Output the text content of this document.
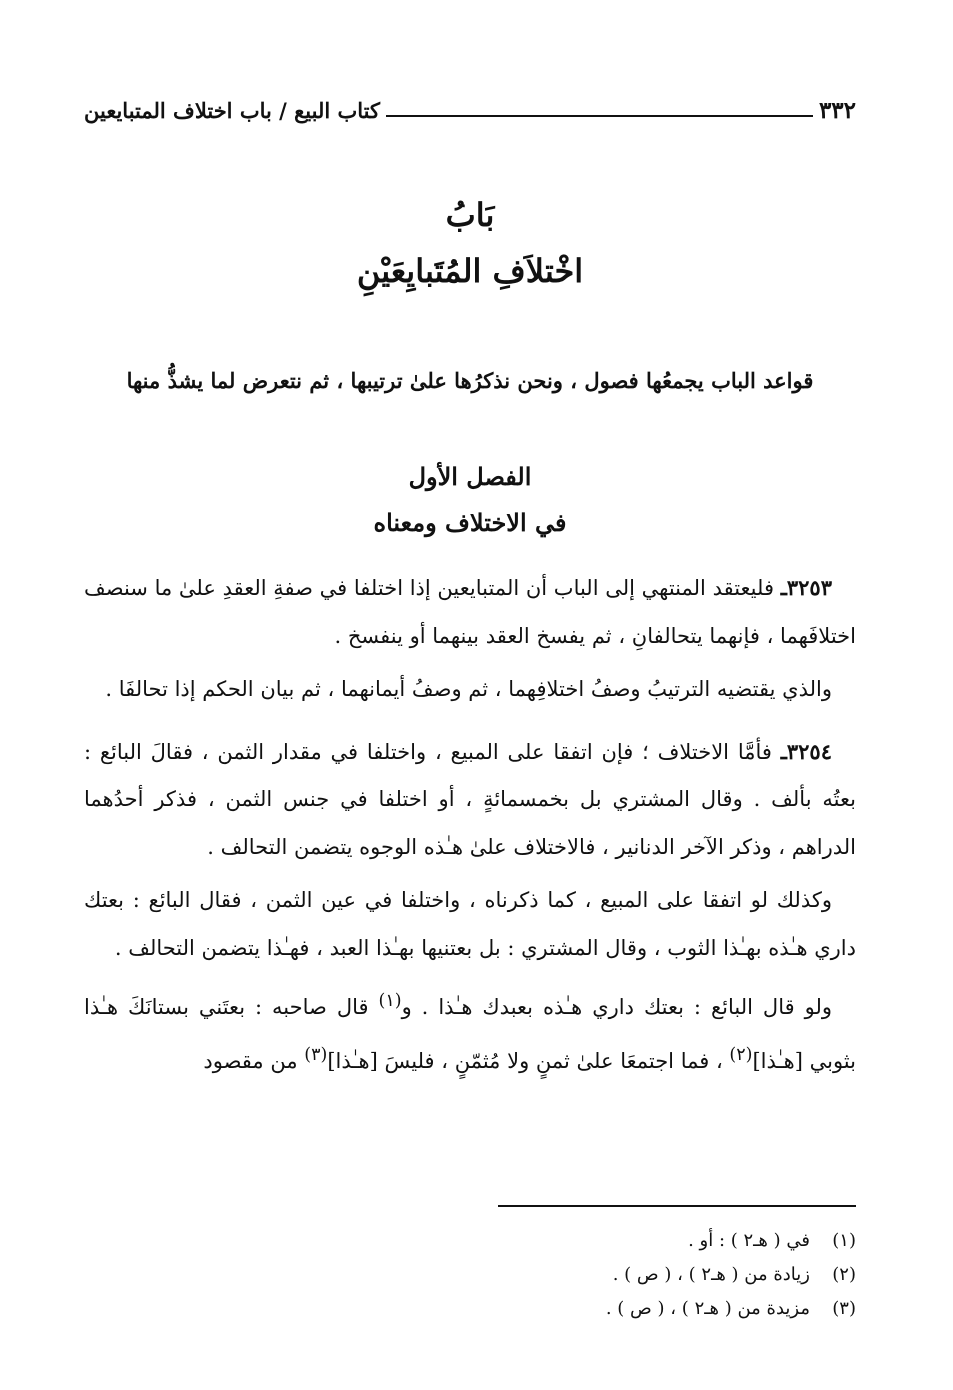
٣٣٢
كتاب البيع / باب اختلاف المتبايعين
بَابُ
اخْتلاَفِ المُتَبايِعَيْنِ
قواعد الباب يجمعُها فصول ، ونحن نذكرُها علىٰ ترتيبها ، ثم نتعرض لما يشذُّ منها
الفصل الأول
في الاختلاف ومعناه

٣٢٥٣ـ فليعتقد المنتهي إلى الباب أن المتبايعين إذا اختلفا في صفةِ العقدِ علىٰ ما سنصف اختلافَهما ، فإنهما يتحالفانِ ، ثم يفسخ العقد بينهما أو ينفسخ .

والذي يقتضيه الترتيبُ وصفُ اختلافِهما ، ثم وصفُ أيمانهما ، ثم بيان الحكم إذا تحالفَا .

٣٢٥٤ـ فأمَّا الاختلاف ؛ فإن اتفقا على المبيع ، واختلفا في مقدار الثمن ، فقالَ البائع : بعتُه بألف . وقال المشتري بل بخمسمائةٍ ، أو اختلفا في جنس الثمن ، فذكر أحدُهما الدراهم ، وذكر الآخر الدنانير ، فالاختلاف علىٰ هـٰذه الوجوه يتضمن التحالف .

وكذلك لو اتفقا على المبيع ، كما ذكرناه ، واختلفا في عين الثمن ، فقال البائع : بعتك داري هـٰذه بهـٰذا الثوب ، وقال المشتري : بل بعتنيها بهـٰذا العبد ، فهـٰذا يتضمن التحالف .

ولو قال البائع : بعتك داري هـٰذه بعبدك هـٰذا . و$^{(١)}$ قال صاحبه : بعتَني بستانَكَ هـٰذا بثوبي [هـٰذا]$^{(٢)}$ ، فما اجتمعَا علىٰ ثمنٍ ولا مُثمّنٍ ، فليسَ [هـٰذا]$^{(٣)}$ من مقصود

(١)
في ( هـ٢ ) : أو .
(٢)
زيادة من ( هـ٢ ) ، ( ص ) .
(٣)
مزيدة من ( هـ٢ ) ، ( ص ) .
